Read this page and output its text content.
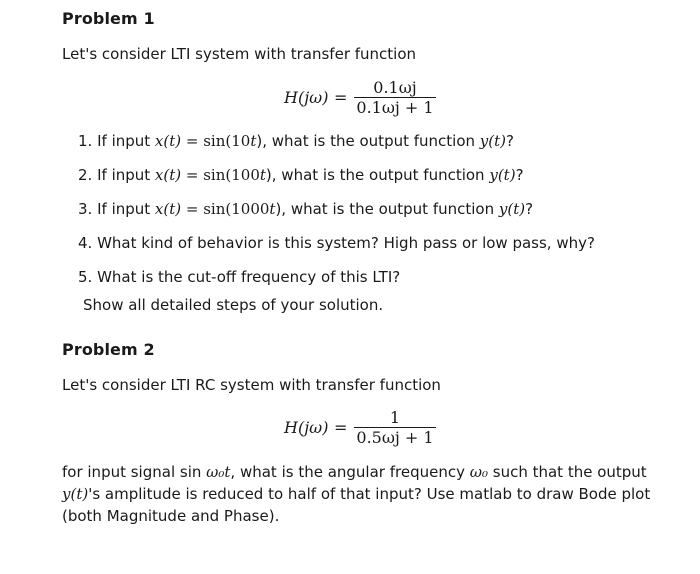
Problem 1
Let's consider LTI system with transfer function
H(jω) =
0.1ωj
0.1ωj + 1
1. If input x(t) = sin(10t), what is the output function y(t)?
2. If input x(t) = sin(100t), what is the output function y(t)?
3. If input x(t) = sin(1000t), what is the output function y(t)?
4. What kind of behavior is this system? High pass or low pass, why?
5. What is the cut-off frequency of this LTI?
Show all detailed steps of your solution.
Problem 2
Let's consider LTI RC system with transfer function
H(jω) =
1
0.5ωj + 1
for input signal sin ω₀t, what is the angular frequency ω₀ such that the output y(t)'s amplitude is reduced to half of that input? Use matlab to draw Bode plot (both Magnitude and Phase).
